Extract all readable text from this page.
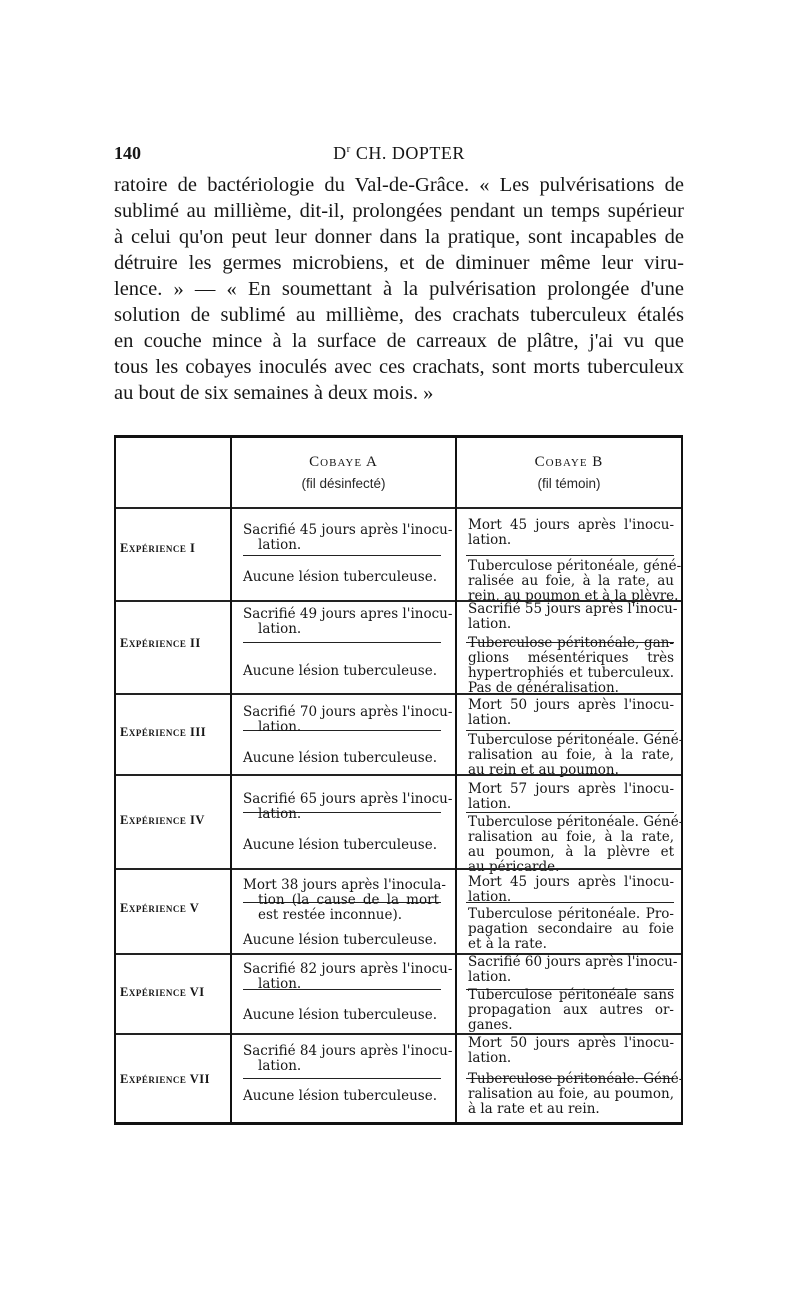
140	$D^r$ CH. DOPTER
ratoire de bactériologie du Val-de-Grâce. « Les pulvérisations de
sublimé au millième, dit-il, prolongées pendant un temps supérieur
à celui qu'on peut leur donner dans la pratique, sont incapables de
détruire les germes microbiens, et de diminuer même leur viru-
lence. » — « En soumettant à la pulvérisation prolongée d'une
solution de sublimé au millième, des crachats tuberculeux étalés
en couche mince à la surface de carreaux de plâtre, j'ai vu que
tous les cobayes inoculés avec ces crachats, sont morts tuberculeux
au bout de six semaines à deux mois. »
Cobaye A
(fil désinfecté)
Cobaye B
(fil témoin)
Expérience I
Sacrifié 45 jours après l'inocu-
lation.
Aucune lésion tuberculeuse.
Mort 45 jours après l'inocu-
lation.
Tuberculose péritonéale, géné-
ralisée au foie, à la rate, au
rein, au poumon et à la plèvre.
Expérience II
Sacrifié 49 jours apres l'inocu-
lation.
Aucune lésion tuberculeuse.
Sacrifié 55 jours après l'inocu-
lation.
Tuberculose péritonéale, gan-
glions mésentériques très
hypertrophiés et tuberculeux.
Pas de généralisation.
Expérience III
Sacrifié 70 jours après l'inocu-
lation.
Aucune lésion tuberculeuse.
Mort 50 jours après l'inocu-
lation.
Tuberculose péritonéale. Géné-
ralisation au foie, à la rate,
au rein et au poumon.
Expérience IV
Sacrifié 65 jours après l'inocu-
lation.
Aucune lésion tuberculeuse.
Mort 57 jours après l'inocu-
lation.
Tuberculose péritonéale. Géné-
ralisation au foie, à la rate,
au poumon, à la plèvre et
au péricarde.
Expérience V
Mort 38 jours après l'inocula-
tion (la cause de la mort
est restée inconnue).
Aucune lésion tuberculeuse.
Mort 45 jours après l'inocu-
lation.
Tuberculose péritonéale. Pro-
pagation secondaire au foie
et à la rate.
Expérience VI
Sacrifié 82 jours après l'inocu-
lation.
Aucune lésion tuberculeuse.
Sacrifié 60 jours après l'inocu-
lation.
Tuberculose péritonéale sans
propagation aux autres or-
ganes.
Expérience VII
Sacrifié 84 jours après l'inocu-
lation.
Aucune lésion tuberculeuse.
Mort 50 jours après l'inocu-
lation.
Tuberculose péritonéale. Géné-
ralisation au foie, au poumon,
à la rate et au rein.
